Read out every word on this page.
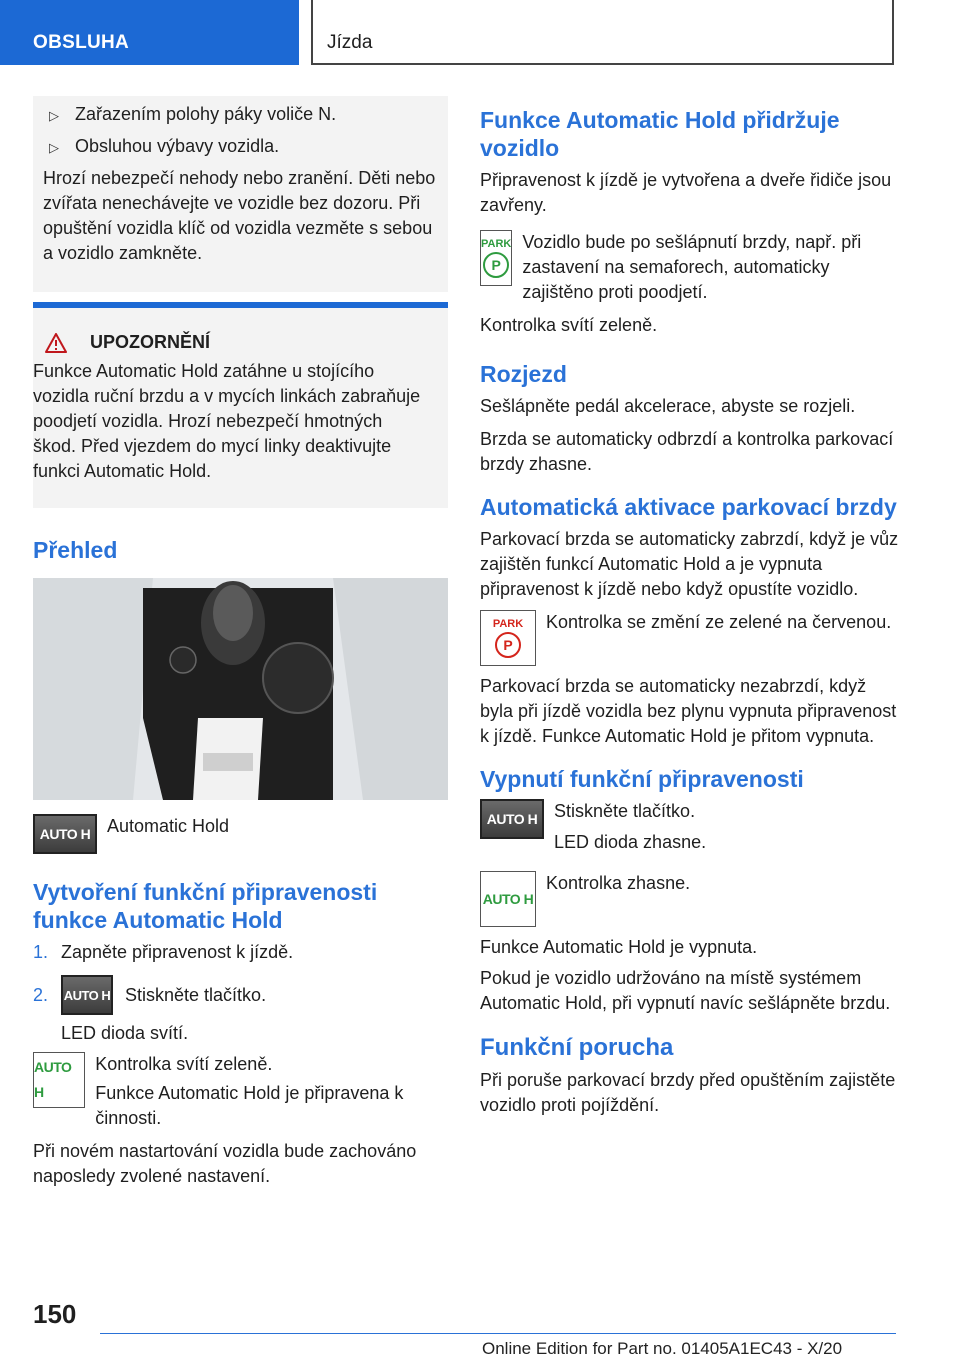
OBSLUHA	Jízda
▷ Zařazením polohy páky voliče N.
▷ Obsluhou výbavy vozidla.
Hrozí nebezpečí nehody nebo zranění. Děti nebo zvířata nenechávejte ve vozidle bez dozoru. Při opuštění vozidla klíč od vozidla vezměte s sebou a vozidlo zamkněte.
UPOZORNĚNÍ
Funkce Automatic Hold zatáhne u stojícího vozidla ruční brzdu a v mycích linkách zabraňuje poodjetí vozidla. Hrozí nebezpečí hmotných škod. Před vjezdem do mycí linky deaktivujte funkci Automatic Hold.
Přehled
AUTO H Automatic Hold
Vytvoření funkční připravenosti funkce Automatic Hold
1. Zapněte připravenost k jízdě.
2.	AUTO H Stiskněte tlačítko.
LED dioda svítí.
AUTO H
Kontrolka svítí zeleně.
Funkce Automatic Hold je připravena k činnosti.
Při novém nastartování vozidla bude zachováno naposledy zvolené nastavení.
Funkce Automatic Hold přidržuje vozidlo
Připravenost k jízdě je vytvořena a dveře řidiče jsou zavřeny.
PARK
P
Vozidlo bude po sešlápnutí brzdy, např. při zastavení na semaforech, automaticky zajištěno proti poodjetí.
Kontrolka svítí zeleně.
Rozjezd
Sešlápněte pedál akcelerace, abyste se rozjeli.
Brzda se automaticky odbrzdí a kontrolka parkovací brzdy zhasne.
Automatická aktivace parkovací brzdy
Parkovací brzda se automaticky zabrzdí, když je vůz zajištěn funkcí Automatic Hold a je vypnuta připravenost k jízdě nebo když opustíte vozidlo.
PARK
P
Kontrolka se změní ze zelené na červenou.
Parkovací brzda se automaticky nezabrzdí, když byla při jízdě vozidla bez plynu vypnuta připravenost k jízdě. Funkce Automatic Hold je přitom vypnuta.
Vypnutí funkční připravenosti
AUTO H Stiskněte tlačítko.
LED dioda zhasne.
AUTO H
Kontrolka zhasne.
Funkce Automatic Hold je vypnuta.
Pokud je vozidlo udržováno na místě systémem Automatic Hold, při vypnutí navíc sešlápněte brzdu.
Funkční porucha
Při poruše parkovací brzdy před opuštěním zajistěte vozidlo proti pojíždění.
150
Online Edition for Part no. 01405A1EC43 - X/20
